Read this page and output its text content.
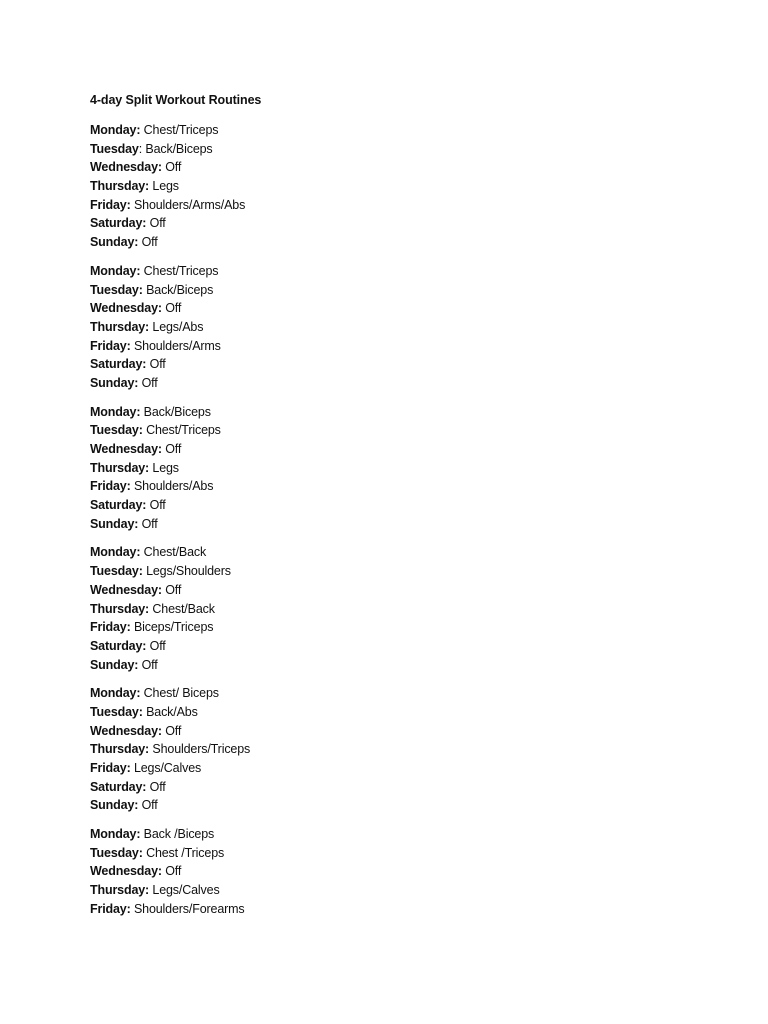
4-day Split Workout Routines
Monday: Chest/Triceps
Tuesday: Back/Biceps
Wednesday: Off
Thursday: Legs
Friday: Shoulders/Arms/Abs
Saturday: Off
Sunday: Off
Monday: Chest/Triceps
Tuesday: Back/Biceps
Wednesday: Off
Thursday: Legs/Abs
Friday: Shoulders/Arms
Saturday: Off
Sunday: Off
Monday: Back/Biceps
Tuesday: Chest/Triceps
Wednesday: Off
Thursday: Legs
Friday: Shoulders/Abs
Saturday: Off
Sunday: Off
Monday: Chest/Back
Tuesday: Legs/Shoulders
Wednesday: Off
Thursday: Chest/Back
Friday: Biceps/Triceps
Saturday: Off
Sunday: Off
Monday: Chest/ Biceps
Tuesday: Back/Abs
Wednesday: Off
Thursday: Shoulders/Triceps
Friday: Legs/Calves
Saturday: Off
Sunday: Off
Monday: Back /Biceps
Tuesday: Chest /Triceps
Wednesday: Off
Thursday: Legs/Calves
Friday: Shoulders/Forearms
